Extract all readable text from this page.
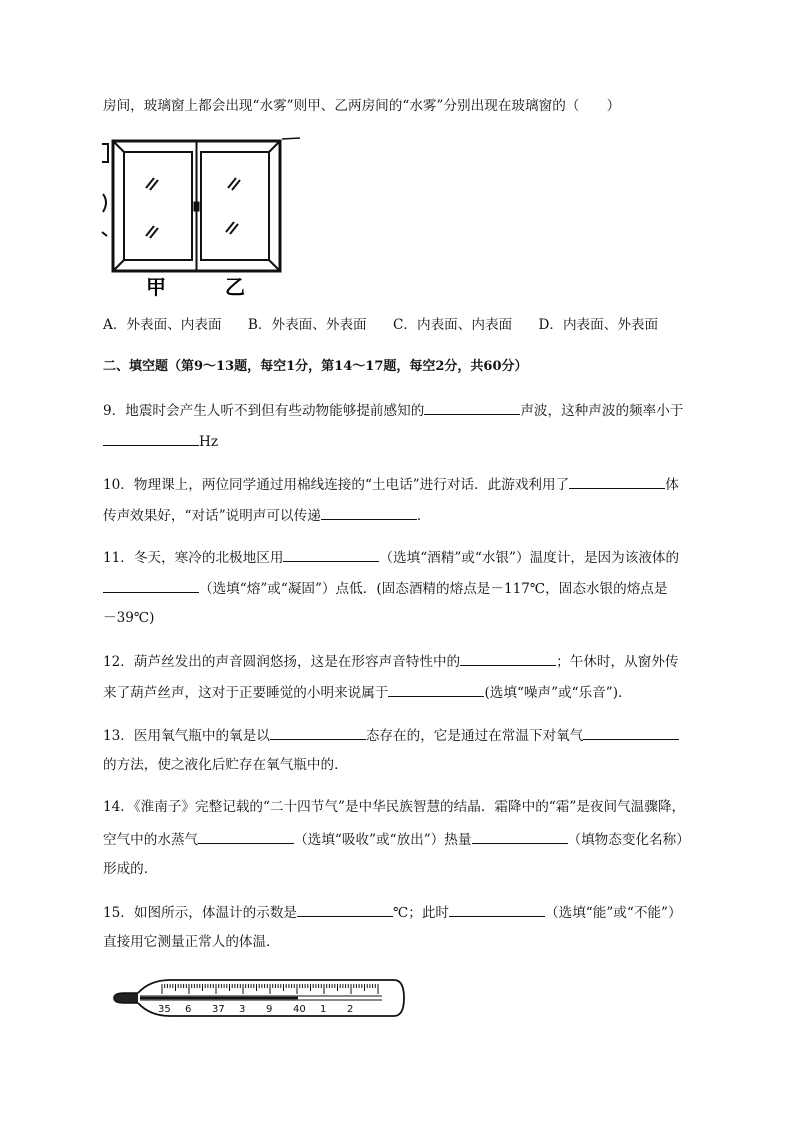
房间，玻璃窗上都会出现“水雾”则甲、乙两房间的“水雾”分别出现在玻璃窗的（　　）
甲	乙
A．外表面、内表面 B．外表面、外表面 C．内表面、内表面 D．内表面、外表面
二、填空题（第9～13题，每空1分，第14～17题，每空2分，共60分）
9．地震时会产生人听不到但有些动物能够提前感知的	声波，这种声波的频率小于
Hz
10．物理课上，两位同学通过用棉线连接的“土电话”进行对话．此游戏利用了	体
传声效果好，“对话”说明声可以传递	．
11．冬天，寒冷的北极地区用	（选填“酒精”或“水银”）温度计，是因为该液体的
（选填“熔”或“凝固”）点低．(固态酒精的熔点是－117℃，固态水银的熔点是
－39℃)
12．葫芦丝发出的声音圆润悠扬，这是在形容声音特性中的	；午休时，从窗外传
来了葫芦丝声，这对于正要睡觉的小明来说属于	(选填“噪声”或“乐音”)．
13．医用氧气瓶中的氧是以	态存在的，它是通过在常温下对氧气
的方法，使之液化后贮存在氧气瓶中的．
14．《淮南子》完整记载的“二十四节气”是中华民族智慧的结晶．霜降中的“霜”是夜间气温骤降，
空气中的水蒸气	（选填“吸收”或“放出”）热量	（填物态变化名称）
形成的．
15．如图所示，体温计的示数是	℃；此时	（选填“能”或“不能”）
直接用它测量正常人的体温．
35 6 37 3 9 40 1 2
